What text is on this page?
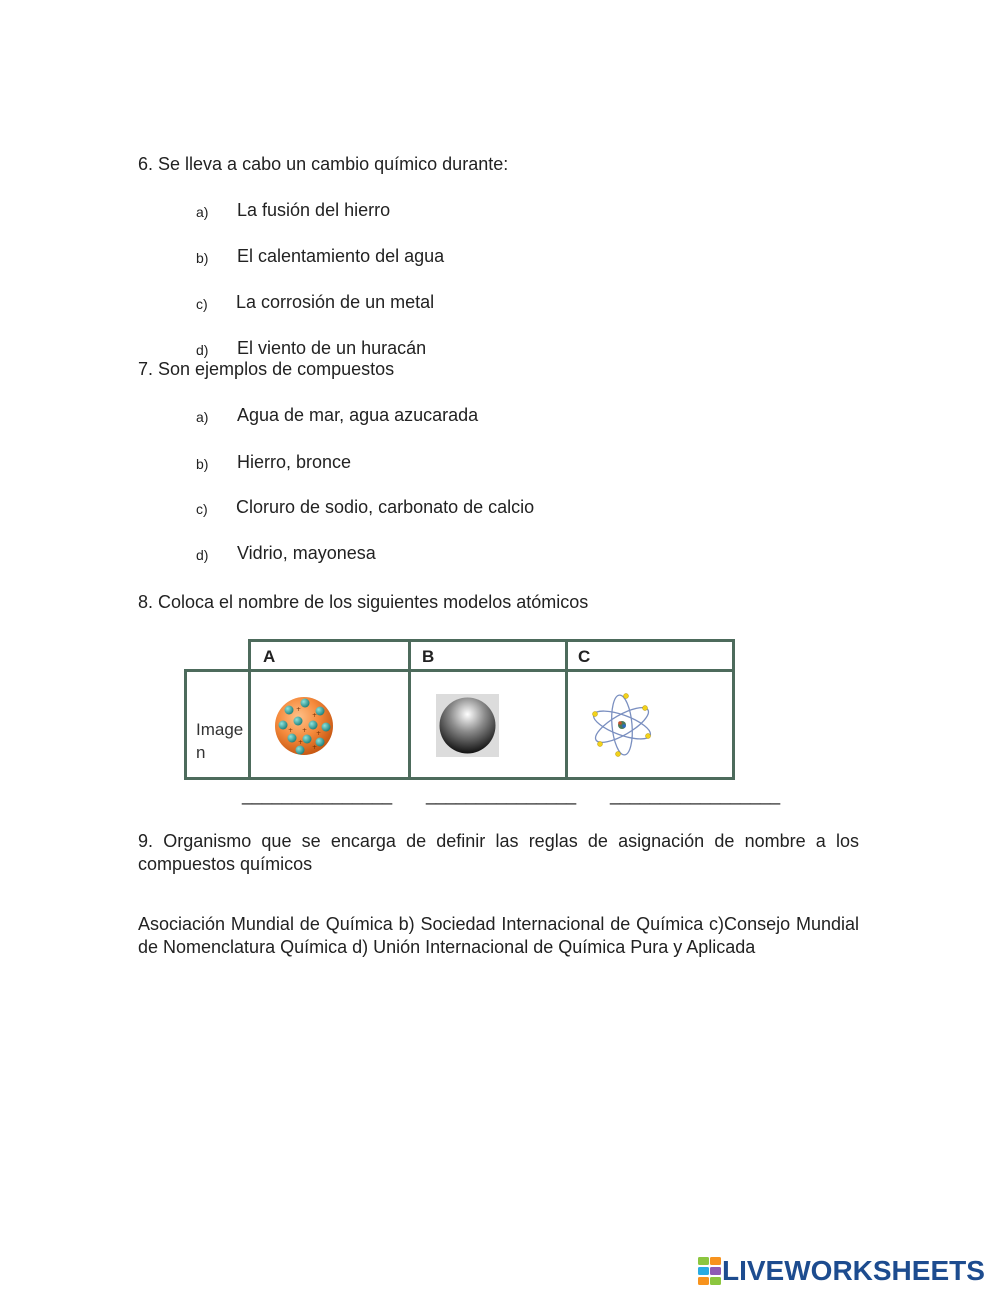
6. Se lleva a cabo un cambio químico durante:
a) La fusión del hierro
b) El calentamiento del agua
c) La corrosión de un metal
d) El viento de un huracán
7. Son ejemplos de compuestos
a) Agua de mar, agua azucarada
b) Hierro, bronce
c) Cloruro de sodio, carbonato de calcio
d) Vidrio, mayonesa
8. Coloca el nombre de los siguientes modelos atómicos
A	B	C
Image
n
+
+
+ + +
+
+
_______________ _______________ _________________
9. Organismo que se encarga de definir las reglas de asignación de nombre a los compuestos químicos
Asociación Mundial de Química b) Sociedad Internacional de Química c)Consejo Mundial de Nomenclatura Química d) Unión Internacional de Química Pura y Aplicada
LIVEWORKSHEETS
